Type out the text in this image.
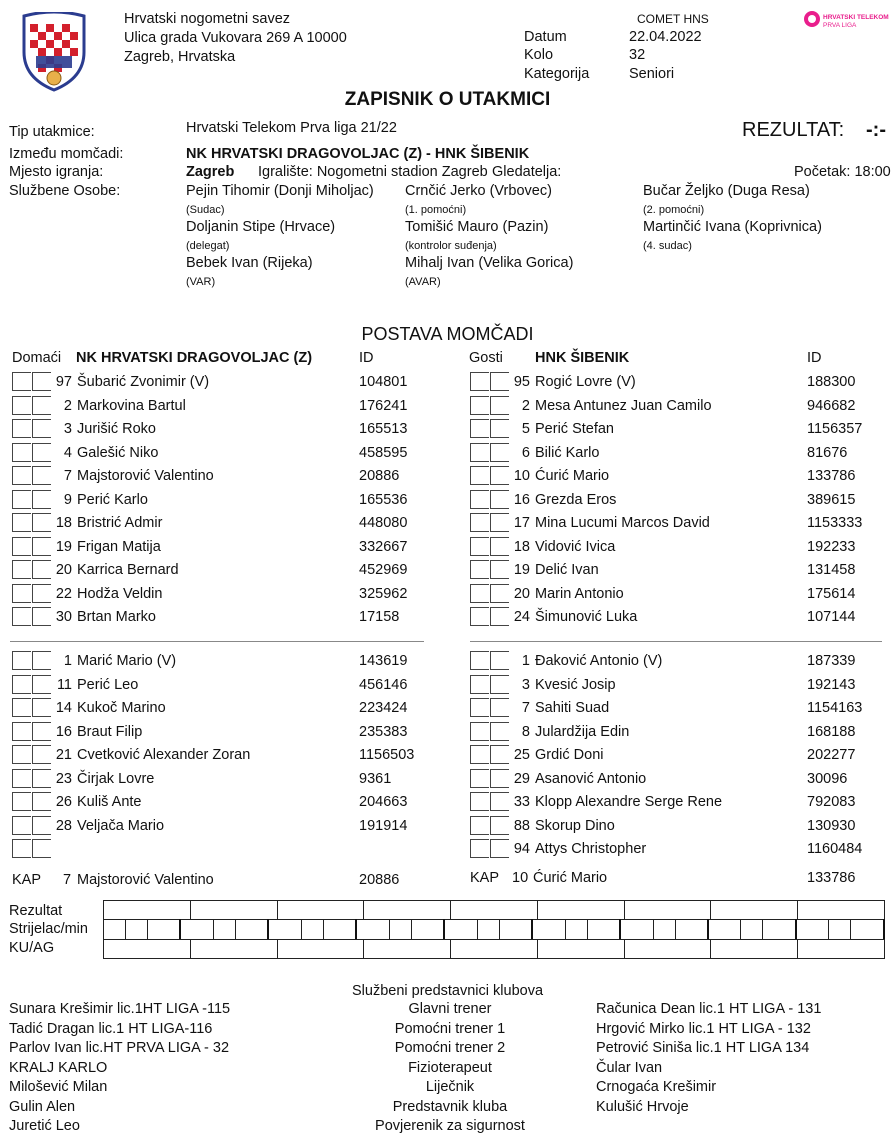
Hrvatski nogometni savez
Ulica grada Vukovara 269 A 10000
Zagreb, Hrvatska
COMET HNS
Datum	22.04.2022
Kolo	32
Kategorija	Seniori
HRVATSKI TELEKOM
PRVA LIGA
ZAPISNIK O UTAKMICI
Tip utakmice:	Hrvatski Telekom Prva liga 21/22	REZULTAT: -:-
Između momčadi:	NK HRVATSKI DRAGOVOLJAC (Z) - HNK ŠIBENIK
Mjesto igranja:	Zagreb Igralište: Nogometni stadion Zagreb Gledatelja:	Početak: 18:00
Službene Osobe:	Pejin Tihomir (Donji Miholjac)
(Sudac)
Crnčić Jerko (Vrbovec)
(1. pomoćni)
Bučar Željko (Duga Resa)
(2. pomoćni)
Doljanin Stipe (Hrvace)
(delegat)
Tomišić Mauro (Pazin)
(kontrolor suđenja)
Martinčić Ivana (Koprivnica)
(4. sudac)
Bebek Ivan (Rijeka)
(VAR)
Mihalj Ivan (Velika Gorica)
(AVAR)
POSTAVA MOMČADI
Domaći NK HRVATSKI DRAGOVOLJAC (Z)	ID	Gosti HNK ŠIBENIK	ID
97 Šubarić Zvonimir (V)	104801
2 Markovina Bartul	176241
3 Jurišić Roko	165513
4 Galešić Niko	458595
7 Majstorović Valentino	20886
9 Perić Karlo	165536
18 Bristrić Admir	448080
19 Frigan Matija	332667
20 Karrica Bernard	452969
22 Hodža Veldin	325962
30 Brtan Marko	17158
1 Marić Mario (V)	143619
11 Perić Leo	456146
14 Kukoč Marino	223424
16 Braut Filip	235383
21 Cvetković Alexander Zoran	1156503
23 Čirjak Lovre	9361
26 Kuliš Ante	204663
28 Veljača Mario	191914
95 Rogić Lovre (V)	188300
2 Mesa Antunez Juan Camilo	946682
5 Perić Stefan	1156357
6 Bilić Karlo	81676
10 Ćurić Mario	133786
16 Grezda Eros	389615
17 Mina Lucumi Marcos David	1153333
18 Vidović Ivica	192233
19 Delić Ivan	131458
20 Marin Antonio	175614
24 Šimunović Luka	107144
1 Đaković Antonio (V)	187339
3 Kvesić Josip	192143
7 Sahiti Suad	1154163
8 Julardžija Edin	168188
25 Grdić Doni	202277
29 Asanović Antonio	30096
33 Klopp Alexandre Serge Rene	792083
88 Skorup Dino	130930
94 Attys Christopher	1160484
KAP 7 Majstorović Valentino	20886	KAP 10 Ćurić Mario	133786
Rezultat
Strijelac/min
KU/AG

Službeni predstavnici klubova
Sunara Krešimir lic.1HT LIGA -115	Glavni trener	Računica Dean lic.1 HT LIGA - 131
Tadić Dragan lic.1 HT LIGA-116	Pomoćni trener 1	Hrgović Mirko lic.1 HT LIGA - 132
Parlov Ivan lic.HT PRVA LIGA - 32	Pomoćni trener 2	Petrović Siniša lic.1 HT LIGA 134
KRALJ KARLO	Fizioterapeut	Čular Ivan
Milošević Milan	Liječnik	Crnogaća Krešimir
Gulin Alen	Predstavnik kluba	Kulušić Hrvoje
Juretić Leo	Povjerenik za sigurnost
